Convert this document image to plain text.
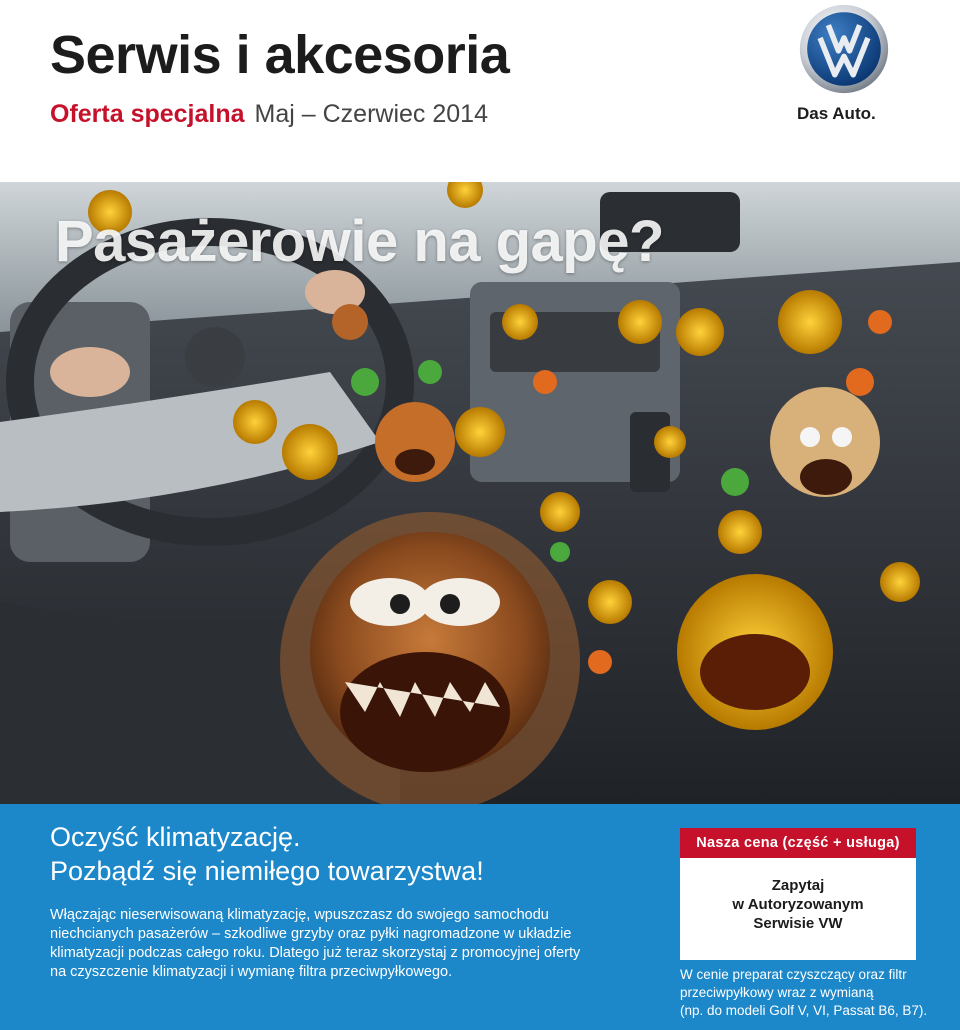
Serwis i akcesoria
Oferta specjalna Maj – Czerwiec 2014	Das Auto.
Pasażerowie na gapę?
Oczyść klimatyzację.
Pozbądź się niemiłego towarzystwa!
Włączając nieserwisowaną klimatyzację, wpuszczasz do swojego samochodu
niechcianych pasażerów – szkodliwe grzyby oraz pyłki nagromadzone w układzie
klimatyzacji podczas całego roku. Dlatego już teraz skorzystaj z promocyjnej oferty
na czyszczenie klimatyzacji i wymianę filtra przeciwpyłkowego.
Nasza cena (część + usługa)
Zapytaj
w Autoryzowanym
Serwisie VW
W cenie preparat czyszczący oraz filtr
przeciwpyłkowy wraz z wymianą
(np. do modeli Golf V, VI, Passat B6, B7).
